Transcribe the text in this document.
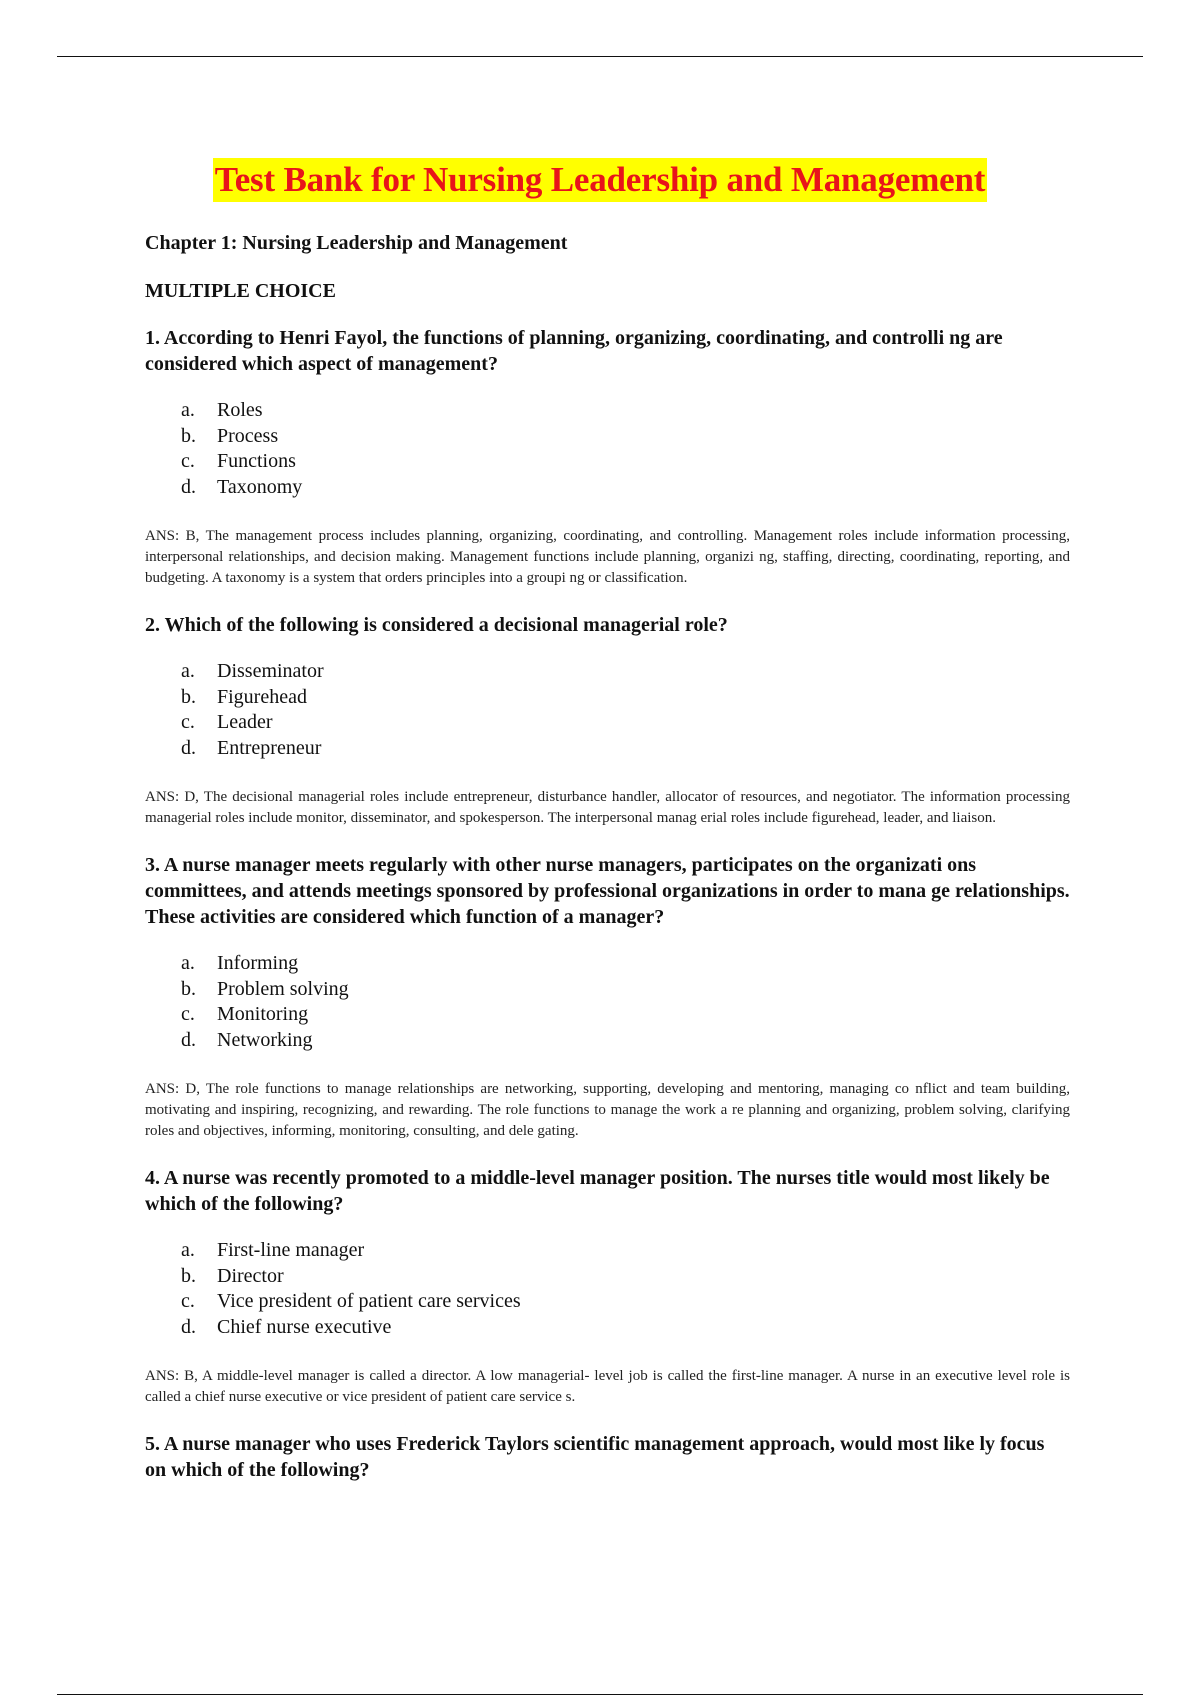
Test Bank for Nursing Leadership and Management

Chapter 1: Nursing Leadership and Management

MULTIPLE CHOICE

1. According to Henri Fayol, the functions of planning, organizing, coordinating, and controlli ng are considered which aspect of management?

a.	Roles
b.	Process
c.	Functions
d.	Taxonomy

ANS: B, The management process includes planning, organizing, coordinating, and controlling. Management roles include information processing, interpersonal relationships, and decision making. Management functions include planning, organizi ng, staffing, directing, coordinating, reporting, and budgeting. A taxonomy is a system that orders principles into a groupi ng or classification.

2. Which of the following is considered a decisional managerial role?

a.	Disseminator
b.	Figurehead
c.	Leader
d.	Entrepreneur

ANS: D, The decisional managerial roles include entrepreneur, disturbance handler, allocator of resources, and negotiator. The information processing managerial roles include monitor, disseminator, and spokesperson. The interpersonal manag erial roles include figurehead, leader, and liaison.

3. A nurse manager meets regularly with other nurse managers, participates on the organizati ons committees, and attends meetings sponsored by professional organizations in order to mana ge relationships. These activities are considered which function of a manager?

a.	Informing
b.	Problem solving
c.	Monitoring
d.	Networking

ANS: D, The role functions to manage relationships are networking, supporting, developing and mentoring, managing co nflict and team building, motivating and inspiring, recognizing, and rewarding. The role functions to manage the work a re planning and organizing, problem solving, clarifying roles and objectives, informing, monitoring, consulting, and dele gating.

4. A nurse was recently promoted to a middle-level manager position. The nurses title would most likely be which of the following?

a.	First-line manager
b.	Director
c.	Vice president of patient care services
d.	Chief nurse executive

ANS: B, A middle-level manager is called a director. A low managerial- level job is called the first-line manager. A nurse in an executive level role is called a chief nurse executive or vice president of patient care service s.

5. A nurse manager who uses Frederick Taylors scientific management approach, would most like ly focus on which of the following?
